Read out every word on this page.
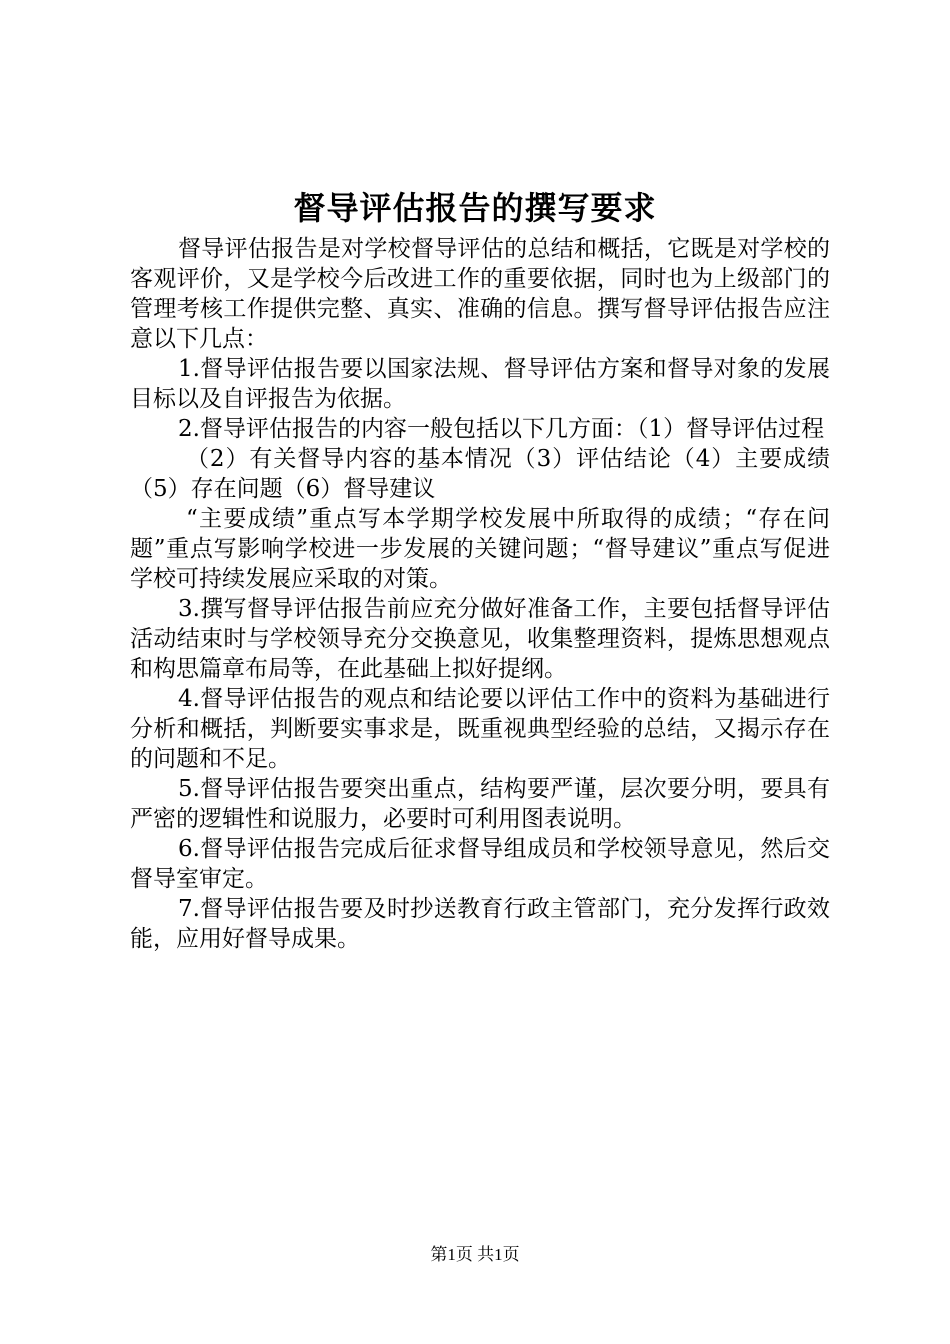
督导评估报告的撰写要求

督导评估报告是对学校督导评估的总结和概括，它既是对学校的客观评价，又是学校今后改进工作的重要依据，同时也为上级部门的管理考核工作提供完整、真实、准确的信息。撰写督导评估报告应注意以下几点：

1.督导评估报告要以国家法规、督导评估方案和督导对象的发展目标以及自评报告为依据。

2.督导评估报告的内容一般包括以下几方面：（1）督导评估过程

（2）有关督导内容的基本情况（3）评估结论（4）主要成绩（5）存在问题（6）督导建议

“主要成绩”重点写本学期学校发展中所取得的成绩；“存在问题”重点写影响学校进一步发展的关键问题；“督导建议”重点写促进学校可持续发展应采取的对策。

3.撰写督导评估报告前应充分做好准备工作，主要包括督导评估活动结束时与学校领导充分交换意见，收集整理资料，提炼思想观点和构思篇章布局等，在此基础上拟好提纲。

4.督导评估报告的观点和结论要以评估工作中的资料为基础进行分析和概括，判断要实事求是，既重视典型经验的总结，又揭示存在的问题和不足。

5.督导评估报告要突出重点，结构要严谨，层次要分明，要具有严密的逻辑性和说服力，必要时可利用图表说明。

6.督导评估报告完成后征求督导组成员和学校领导意见，然后交督导室审定。

7.督导评估报告要及时抄送教育行政主管部门，充分发挥行政效能，应用好督导成果。

第1页 共1页
